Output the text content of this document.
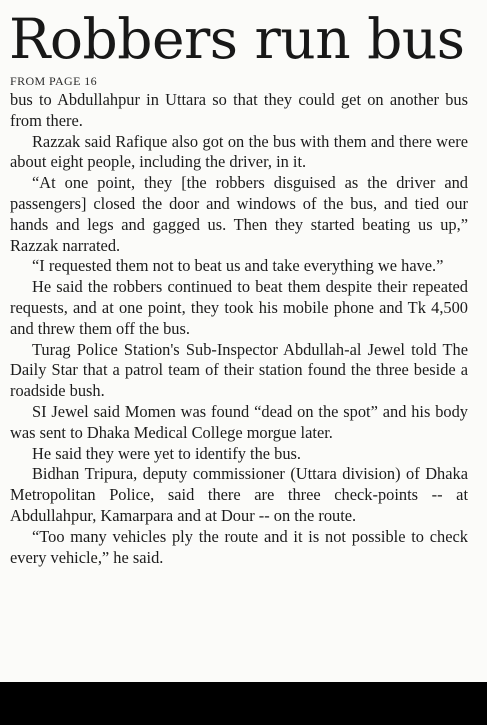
Robbers run bus
FROM PAGE 16

bus to Abdullahpur in Uttara so that they could get on another bus from there.

Razzak said Rafique also got on the bus with them and there were about eight people, including the driver, in it.

“At one point, they [the robbers disguised as the driver and passengers] closed the door and windows of the bus, and tied our hands and legs and gagged us. Then they started beating us up,” Razzak narrated.

“I requested them not to beat us and take everything we have.”

He said the robbers continued to beat them despite their repeated requests, and at one point, they took his mobile phone and Tk 4,500 and threw them off the bus.

Turag Police Station's Sub-Inspector Abdullah-al Jewel told The Daily Star that a patrol team of their station found the three beside a roadside bush.

SI Jewel said Momen was found “dead on the spot” and his body was sent to Dhaka Medical College morgue later.

He said they were yet to identify the bus.

Bidhan Tripura, deputy commissioner (Uttara division) of Dhaka Metropolitan Police, said there are three check-points -- at Abdullahpur, Kamarpara and at Dour -- on the route.

“Too many vehicles ply the route and it is not possible to check every vehicle,” he said.
